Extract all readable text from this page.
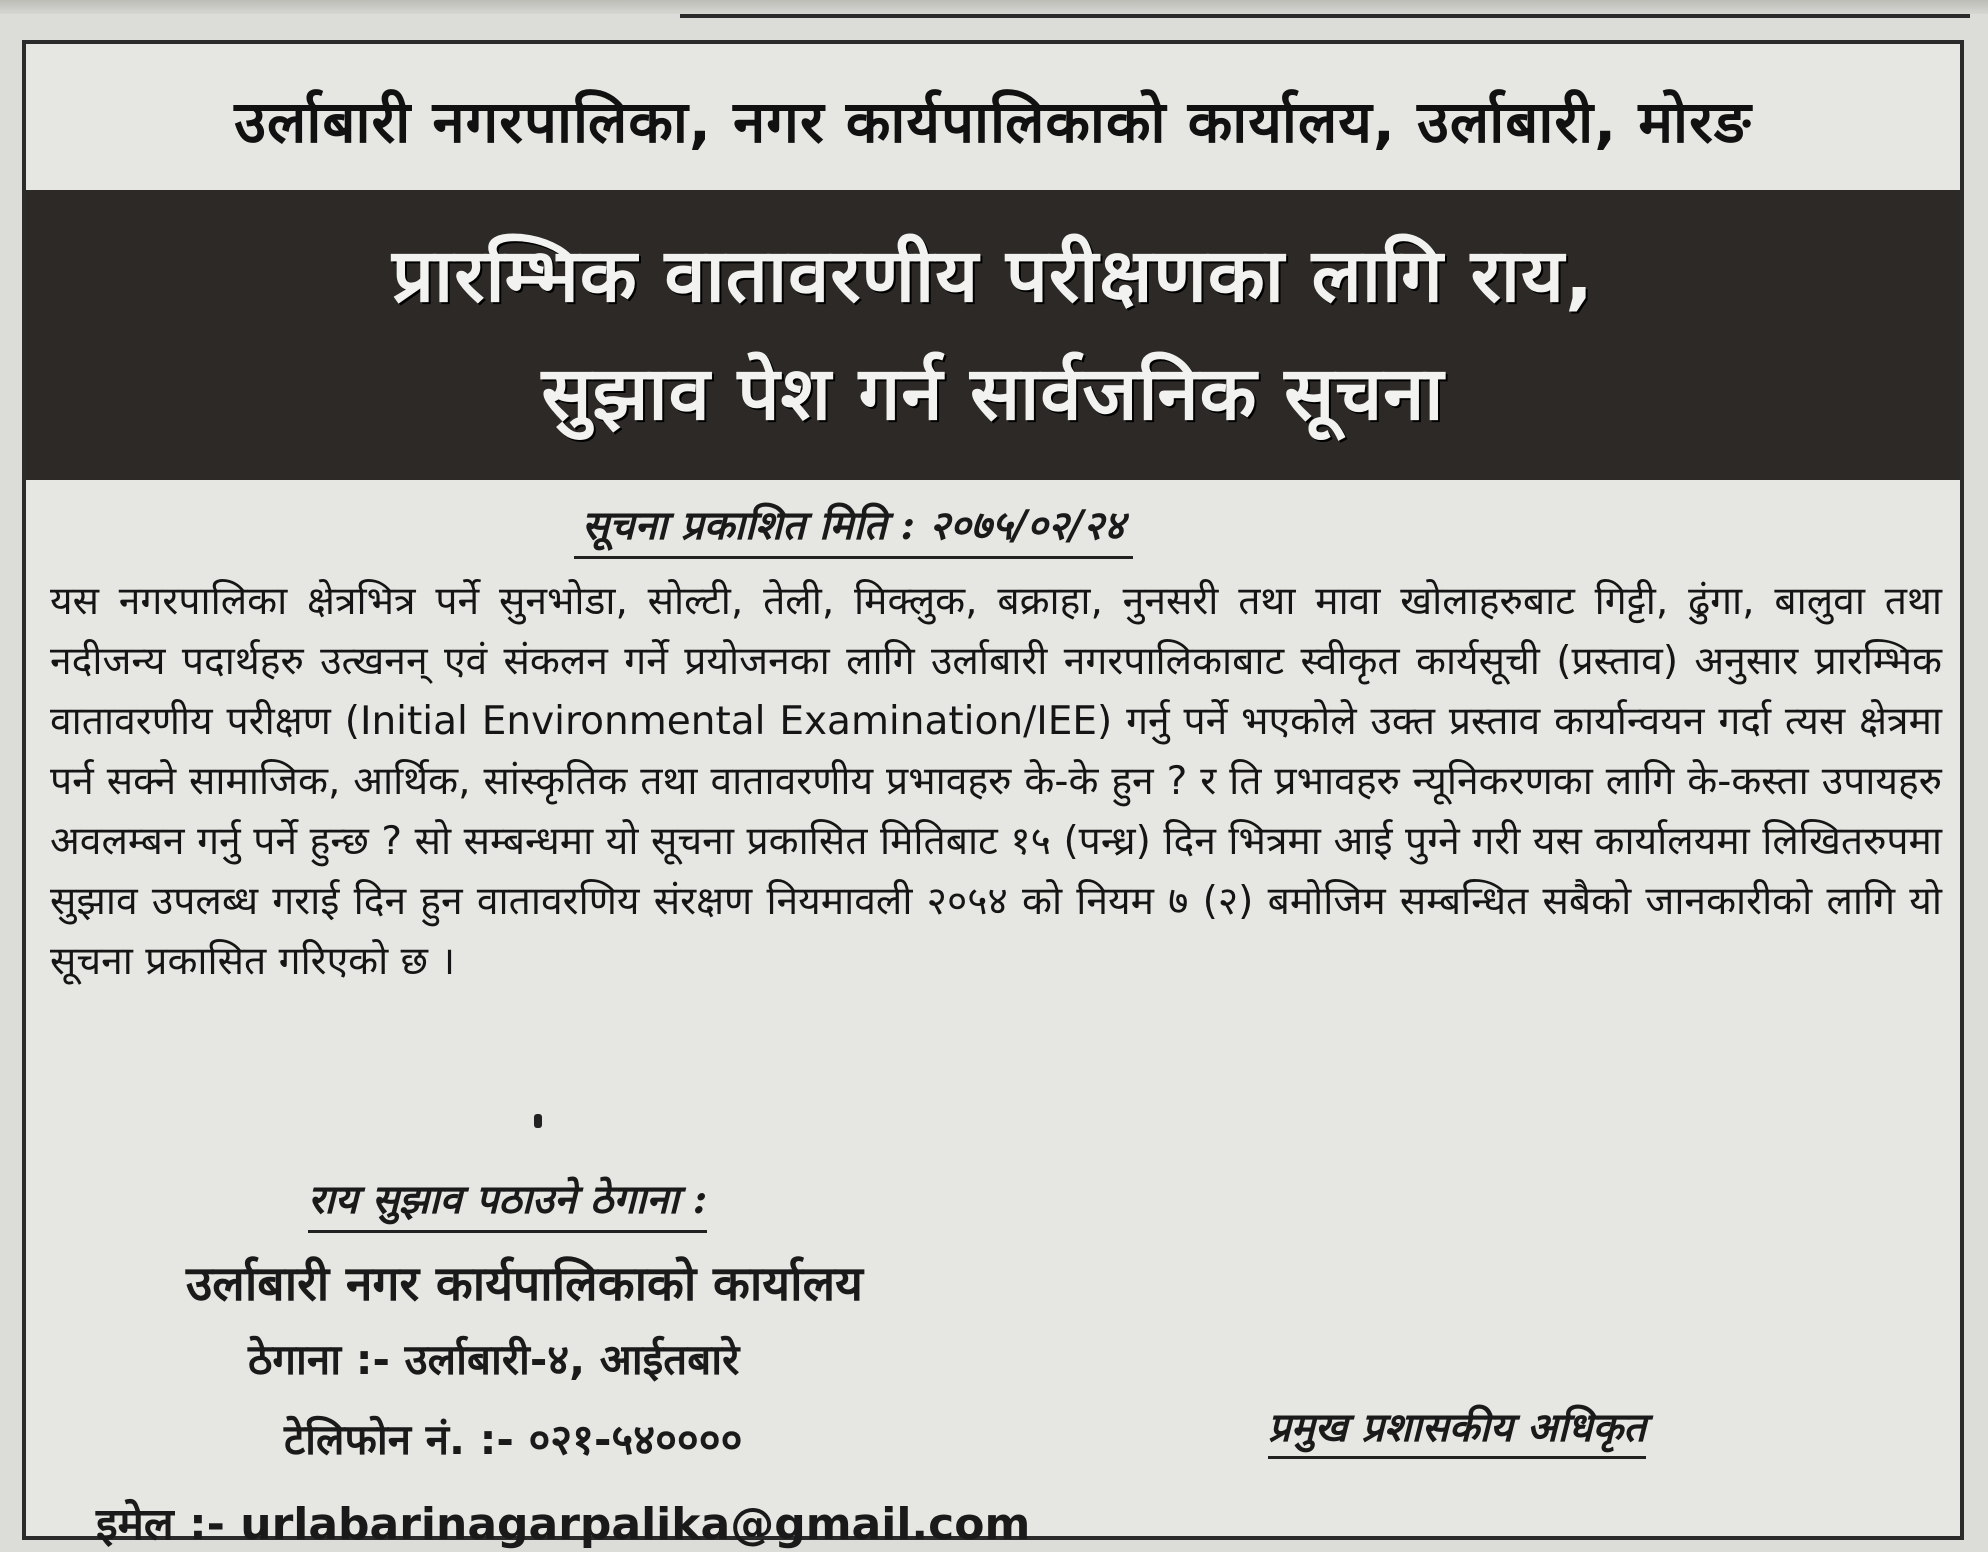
उर्लाबारी नगरपालिका, नगर कार्यपालिकाको कार्यालय, उर्लाबारी, मोरङ
प्रारम्भिक वातावरणीय परीक्षणका लागि राय,
सुझाव पेश गर्न सार्वजनिक सूचना
सूचना प्रकाशित मिति : २०७५/०२/२४
यस नगरपालिका क्षेत्रभित्र पर्ने सुनभोडा, सोल्टी, तेली, मिक्लुक, बक्राहा, नुनसरी तथा मावा खोलाहरुबाट गिट्टी, ढुंगा, बालुवा तथा नदीजन्य पदार्थहरु उत्खनन् एवं संकलन गर्ने प्रयोजनका लागि उर्लाबारी नगरपालिकाबाट स्वीकृत कार्यसूची (प्रस्ताव) अनुसार प्रारम्भिक वातावरणीय परीक्षण (Initial Environmental Examination/IEE) गर्नु पर्ने भएकोले उक्त प्रस्ताव कार्यान्वयन गर्दा त्यस क्षेत्रमा पर्न सक्ने सामाजिक, आर्थिक, सांस्कृतिक तथा वातावरणीय प्रभावहरु के-के हुन ? र ति प्रभावहरु न्यूनिकरणका लागि के-कस्ता उपायहरु अवलम्बन गर्नु पर्ने हुन्छ ? सो सम्बन्धमा यो सूचना प्रकासित मितिबाट १५ (पन्ध्र) दिन भित्रमा आई पुग्ने गरी यस कार्यालयमा लिखितरुपमा सुझाव उपलब्ध गराई दिन हुन वातावरणिय संरक्षण नियमावली २०५४ को नियम ७ (२) बमोजिम सम्बन्धित सबैको जानकारीको लागि यो सूचना प्रकासित गरिएको छ ।
राय सुझाव पठाउने ठेगाना :
उर्लाबारी नगर कार्यपालिकाको कार्यालय
ठेगाना :- उर्लाबारी-४, आईतबारे
टेलिफोन नं. :- ०२१-५४००००
इमेल :- urlabarinagarpalika@gmail.com
प्रमुख प्रशासकीय अधिकृत
